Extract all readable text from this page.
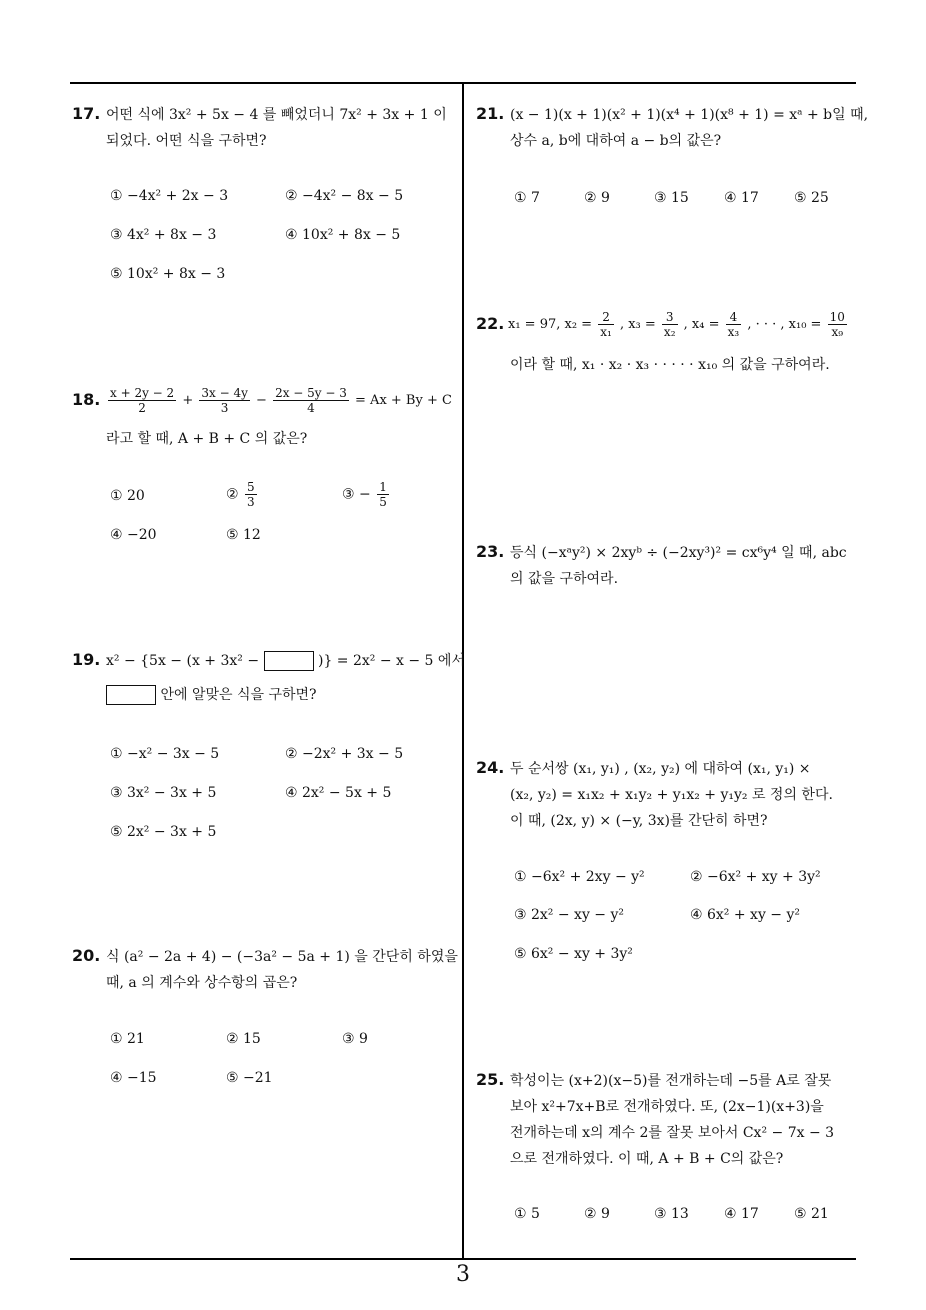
17. 어떤 식에 3x² + 5x − 4 를 빼었더니 7x² + 3x + 1 이
되었다. 어떤 식을 구하면?
① −4x² + 2x − 3	② −4x² − 8x − 5
③ 4x² + 8x − 3	④ 10x² + 8x − 5
⑤ 10x² + 8x − 3
18. $\frac{x + 2y - 2}{2} + \frac{3x - 4y}{3} - \frac{2x - 5y - 3}{4} = Ax + By + C$
라고 할 때, A + B + C 의 값은?
① 20	② $\frac{5}{3}$	③ − $\frac{1}{5}$
④ −20	⑤ 12
19. x² − {5x − (x + 3x² −	)} = 2x² − x − 5 에서
안에 알맞은 식을 구하면?
① −x² − 3x − 5	② −2x² + 3x − 5
③ 3x² − 3x + 5	④ 2x² − 5x + 5
⑤ 2x² − 3x + 5
20. 식 (a² − 2a + 4) − (−3a² − 5a + 1) 을 간단히 하였을
때, a 의 계수와 상수항의 곱은?
① 21	② 15	③ 9
④ −15	⑤ −21
21. (x − 1)(x + 1)(x² + 1)(x⁴ + 1)(x⁸ + 1) = xᵃ + b일 때,
상수 a, b에 대하여 a − b의 값은?
① 7	② 9	③ 15	④ 17	⑤ 25
22. x₁ = 97, $x_2 = \frac{2}{\text{x₁}}$ , $x_3 = \frac{3}{\text{x₂}}$ , $x_4 = \frac{4}{\text{x₃}}$ , · · · , $x_{10} = \frac{10}{\text{x₉}}$
이라 할 때, x₁ · x₂ · x₃ · · · · · x₁₀ 의 값을 구하여라.
23. 등식 (−xᵃy²) × 2xyᵇ ÷ (−2xy³)² = cx⁶y⁴ 일 때, abc
의 값을 구하여라.
24. 두 순서쌍 (x₁, y₁) , (x₂, y₂) 에 대하여 (x₁, y₁) ×
(x₂, y₂) = x₁x₂ + x₁y₂ + y₁x₂ + y₁y₂ 로 정의 한다.
이 때, (2x, y) × (−y, 3x)를 간단히 하면?
① −6x² + 2xy − y²	② −6x² + xy + 3y²
③ 2x² − xy − y²	④ 6x² + xy − y²
⑤ 6x² − xy + 3y²
25. 학성이는 (x+2)(x−5)를 전개하는데 −5를 A로 잘못
보아 x²+7x+B로 전개하였다. 또, (2x−1)(x+3)을
전개하는데 x의 계수 2를 잘못 보아서 Cx² − 7x − 3
으로 전개하였다. 이 때, A + B + C의 값은?
① 5	② 9	③ 13	④ 17	⑤ 21
3
